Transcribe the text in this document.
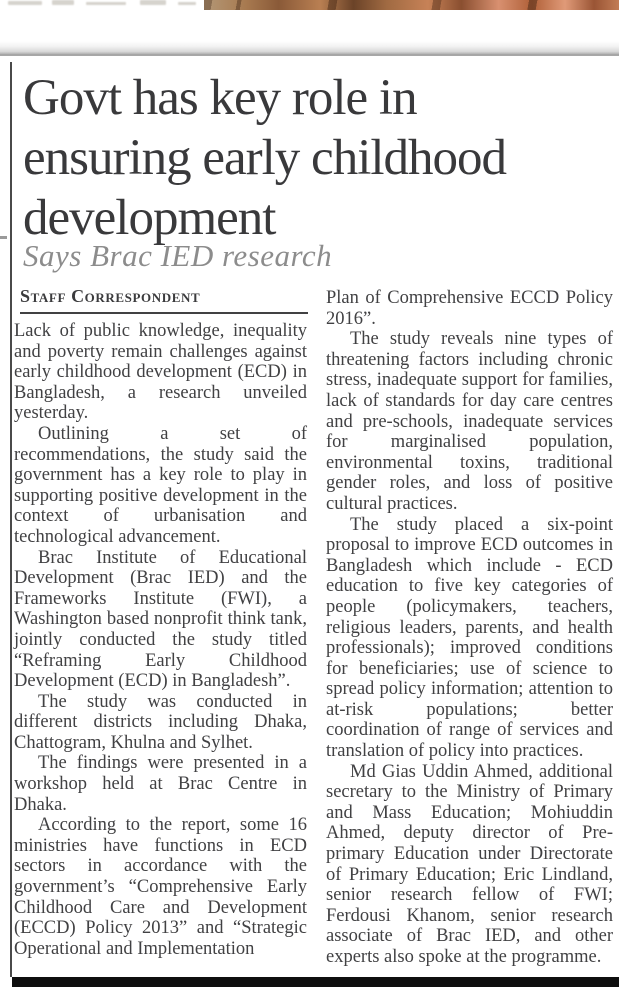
Govt has key role in
ensuring early childhood
development
Says Brac IED research
Staff Correspondent

Lack of public knowledge, inequality and poverty remain challenges against early childhood development (ECD) in Bangladesh, a research unveiled yesterday.

Outlining a set of recommendations, the study said the government has a key role to play in supporting positive development in the context of urbanisation and technological advancement.

Brac Institute of Educational Development (Brac IED) and the Frameworks Institute (FWI), a Washington based nonprofit think tank, jointly conducted the study titled “Reframing Early Childhood Development (ECD) in Bangladesh”.

The study was conducted in different districts including Dhaka, Chattogram, Khulna and Sylhet.

The findings were presented in a workshop held at Brac Centre in Dhaka.

According to the report, some 16 ministries have functions in ECD sectors in accordance with the government’s “Comprehensive Early Childhood Care and Development (ECCD) Policy 2013” and “Strategic Operational and Implementation

Plan of Comprehensive ECCD Policy 2016”.

The study reveals nine types of threatening factors including chronic stress, inadequate support for families, lack of standards for day care centres and pre-schools, inadequate services for marginalised population, environmental toxins, traditional gender roles, and loss of positive cultural practices.

The study placed a six-point proposal to improve ECD outcomes in Bangladesh which include - ECD education to five key categories of people (policymakers, teachers, religious leaders, parents, and health professionals); improved conditions for beneficiaries; use of science to spread policy information; attention to at-risk populations; better coordination of range of services and translation of policy into practices.

Md Gias Uddin Ahmed, additional secretary to the Ministry of Primary and Mass Education; Mohiuddin Ahmed, deputy director of Pre-primary Education under Directorate of Primary Education; Eric Lindland, senior research fellow of FWI; Ferdousi Khanom, senior research associate of Brac IED, and other experts also spoke at the programme.
